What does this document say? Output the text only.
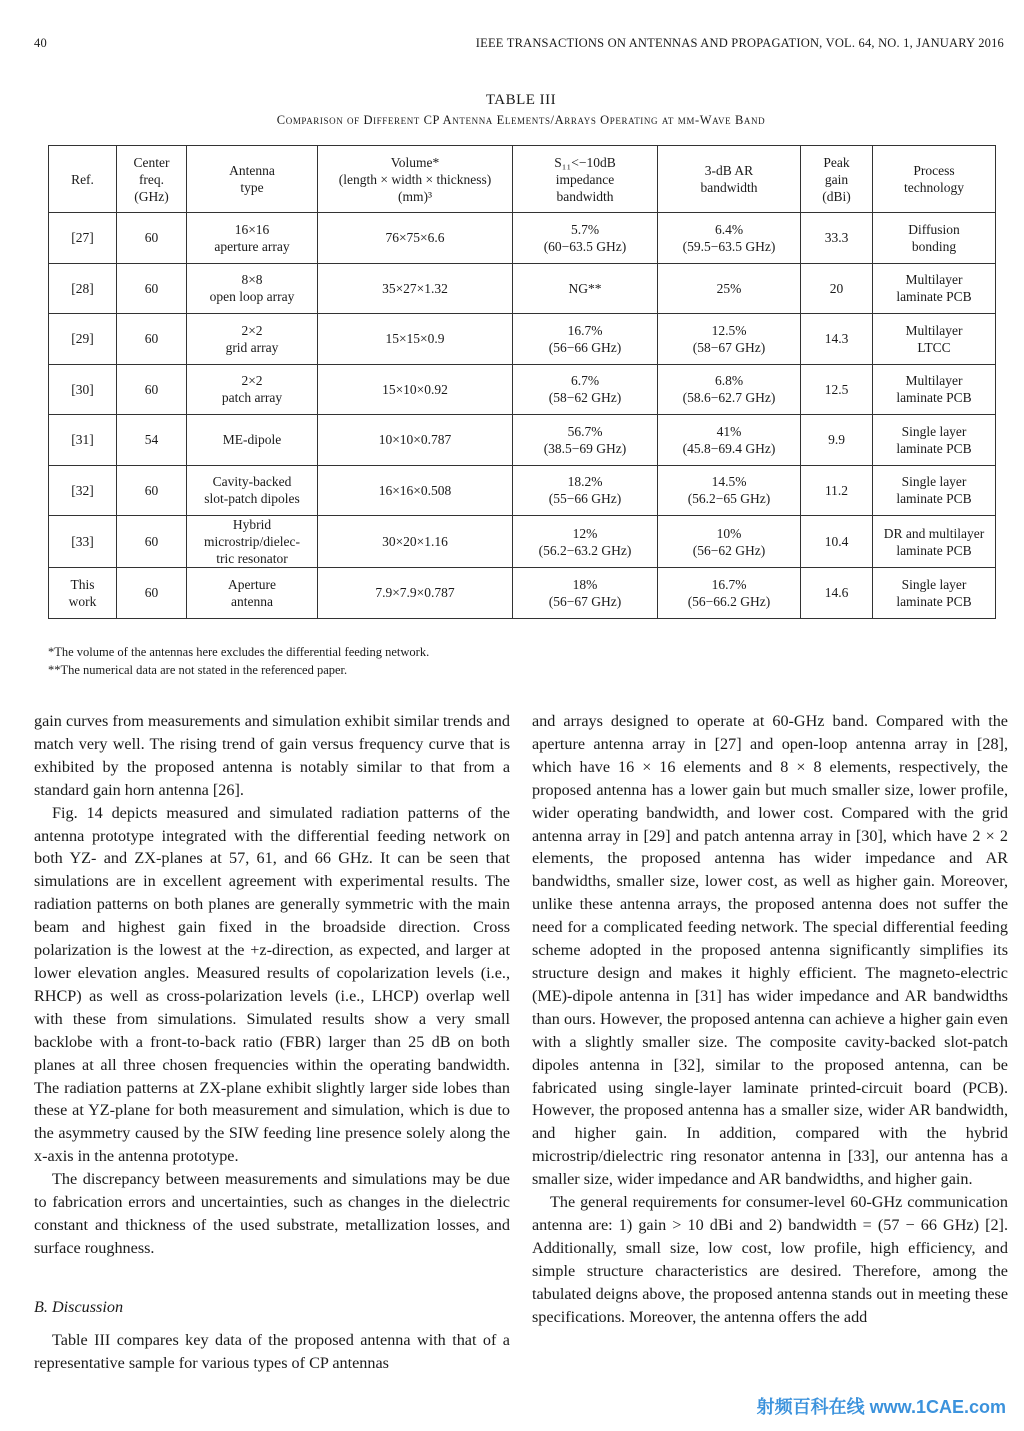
40	IEEE TRANSACTIONS ON ANTENNAS AND PROPAGATION, VOL. 64, NO. 1, JANUARY 2016
TABLE III
Comparison of Different CP Antenna Elements/Arrays Operating at mm-Wave Band
Ref.	Center
freq.
(GHz)	Antenna
type	Volume*
(length × width × thickness)
(mm)³	S₁₁<−10dB
impedance
bandwidth	3-dB AR
bandwidth	Peak
gain
(dBi)	Process
technology
[27]	60	16×16
aperture array	76×75×6.6	5.7%
(60−63.5 GHz)	6.4%
(59.5−63.5 GHz)	33.3	Diffusion
bonding
[28]	60	8×8
open loop array	35×27×1.32	NG**	25%	20	Multilayer
laminate PCB
[29]	60	2×2
grid array	15×15×0.9	16.7%
(56−66 GHz)	12.5%
(58−67 GHz)	14.3	Multilayer
LTCC
[30]	60	2×2
patch array	15×10×0.92	6.7%
(58−62 GHz)	6.8%
(58.6−62.7 GHz)	12.5	Multilayer
laminate PCB
[31]	54	ME-dipole	10×10×0.787	56.7%
(38.5−69 GHz)	41%
(45.8−69.4 GHz)	9.9	Single layer
laminate PCB
[32]	60	Cavity-backed
slot-patch dipoles	16×16×0.508	18.2%
(55−66 GHz)	14.5%
(56.2−65 GHz)	11.2	Single layer
laminate PCB
[33]	60	Hybrid
microstrip/dielec-
tric resonator	30×20×1.16	12%
(56.2−63.2 GHz)	10%
(56−62 GHz)	10.4	DR and multilayer
laminate PCB
This
work	60	Aperture
antenna	7.9×7.9×0.787	18%
(56−67 GHz)	16.7%
(56−66.2 GHz)	14.6	Single layer
laminate PCB
*The volume of the antennas here excludes the differential feeding network.
**The numerical data are not stated in the referenced paper.

gain curves from measurements and simulation exhibit similar trends and match very well. The rising trend of gain versus frequency curve that is exhibited by the proposed antenna is notably similar to that from a standard gain horn antenna [26].

Fig. 14 depicts measured and simulated radiation patterns of the antenna prototype integrated with the differential feeding network on both YZ- and ZX-planes at 57, 61, and 66 GHz. It can be seen that simulations are in excellent agreement with experimental results. The radiation patterns on both planes are generally symmetric with the main beam and highest gain fixed in the broadside direction. Cross polarization is the lowest at the +z-direction, as expected, and larger at lower elevation angles. Measured results of copolarization levels (i.e., RHCP) as well as cross-polarization levels (i.e., LHCP) overlap well with these from simulations. Simulated results show a very small backlobe with a front-to-back ratio (FBR) larger than 25 dB on both planes at all three chosen frequencies within the operating bandwidth. The radiation patterns at ZX-plane exhibit slightly larger side lobes than these at YZ-plane for both measurement and simulation, which is due to the asymmetry caused by the SIW feeding line presence solely along the x-axis in the antenna prototype.

The discrepancy between measurements and simulations may be due to fabrication errors and uncertainties, such as changes in the dielectric constant and thickness of the used substrate, metallization losses, and surface roughness.

B. Discussion

Table III compares key data of the proposed antenna with that of a representative sample for various types of CP antennas

and arrays designed to operate at 60-GHz band. Compared with the aperture antenna array in [27] and open-loop antenna array in [28], which have 16 × 16 elements and 8 × 8 elements, respectively, the proposed antenna has a lower gain but much smaller size, lower profile, wider operating bandwidth, and lower cost. Compared with the grid antenna array in [29] and patch antenna array in [30], which have 2 × 2 elements, the proposed antenna has wider impedance and AR bandwidths, smaller size, lower cost, as well as higher gain. Moreover, unlike these antenna arrays, the proposed antenna does not suffer the need for a complicated feeding network. The special differential feeding scheme adopted in the proposed antenna significantly simplifies its structure design and makes it highly efficient. The magneto-electric (ME)-dipole antenna in [31] has wider impedance and AR bandwidths than ours. However, the proposed antenna can achieve a higher gain even with a slightly smaller size. The composite cavity-backed slot-patch dipoles antenna in [32], similar to the proposed antenna, can be fabricated using single-layer laminate printed-circuit board (PCB). However, the proposed antenna has a smaller size, wider AR bandwidth, and higher gain. In addition, compared with the hybrid microstrip/dielectric ring resonator antenna in [33], our antenna has a smaller size, wider impedance and AR bandwidths, and higher gain.

The general requirements for consumer-level 60-GHz communication antenna are: 1) gain > 10 dBi and 2) bandwidth = (57 − 66 GHz) [2]. Additionally, small size, low cost, low profile, high efficiency, and simple structure characteristics are desired. Therefore, among the tabulated deigns above, the proposed antenna stands out in meeting these specifications. Moreover, the antenna offers the add

射频百科在线 www.1CAE.com
